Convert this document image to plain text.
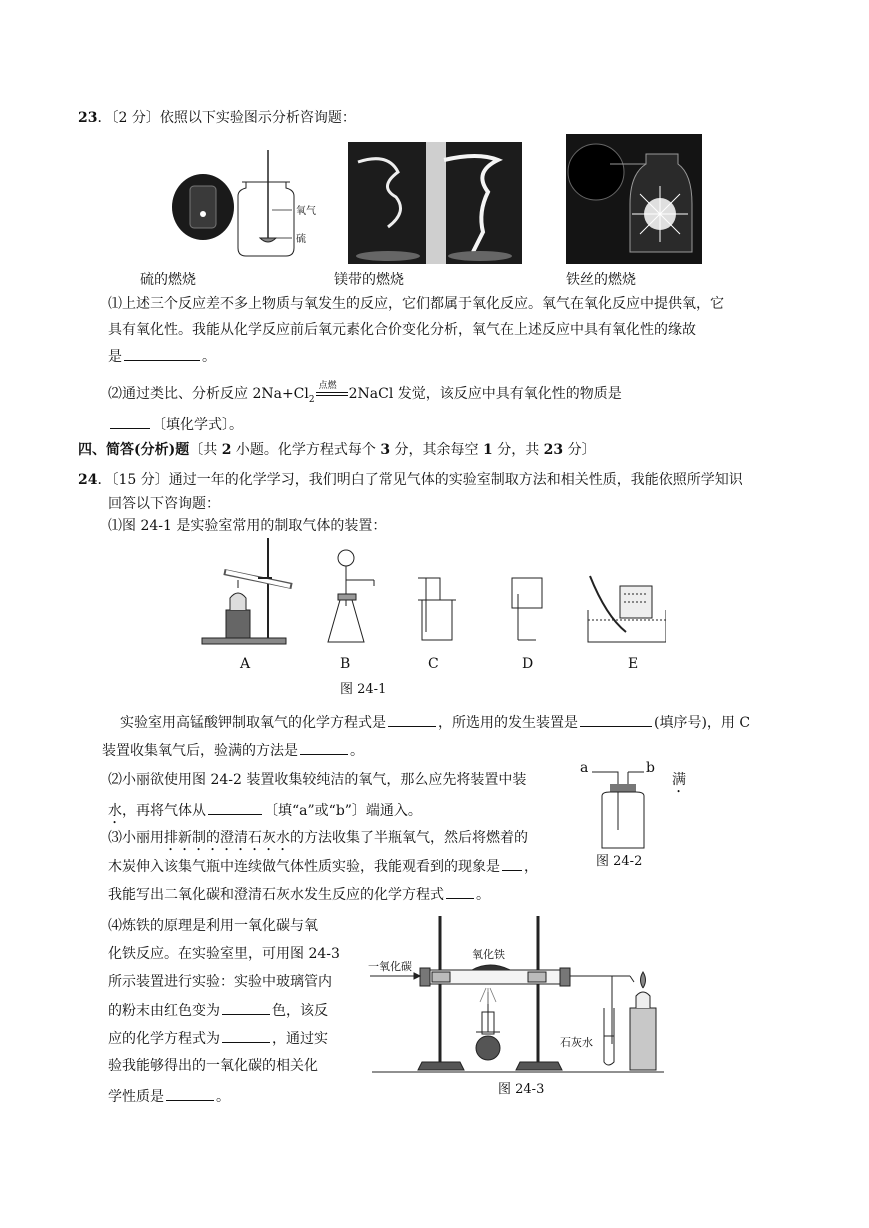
23．〔2 分〕依照以下实验图示分析咨询题：
氧气
硫
硫的燃烧	镁带的燃烧	铁丝的燃烧
⑴上述三个反应差不多上物质与氧发生的反应，它们都属于氧化反应。氧气在氧化反应中提供氧，它
具有氧化性。我能从化学反应前后氧元素化合价变化分析，氧气在上述反应中具有氧化性的缘故
是	。
⑵通过类比、分析反应 $2Na+Cl_2$
点燃 2NaCl 发觉，该反应中具有氧化性的物质是
〔填化学式〕。
四、简答(分析)题〔共 2 小题。化学方程式每个 3 分，其余每空 1 分，共 23 分〕
24．〔15 分〕通过一年的化学学习，我们明白了常见气体的实验室制取方法和相关性质，我能依照所学知识
回答以下咨询题：
⑴图 24-1 是实验室常用的制取气体的装置：
A	B	C	D	E
图 24-1
实验室用高锰酸钾制取氧气的化学方程式是	，所选用的发生装置是	(填序号)，用 C
装置收集氧气后，验满的方法是	。
⑵小丽欲使用图 24-2 装置收集较纯洁的氧气，那么应先将装置中装	满
水，再将气体从	〔填“a”或“b”〕端通入。
a	b
图 24-2
⑶小丽用排新制的澄清石灰水的方法收集了半瓶氧气，然后将燃着的
木炭伸入该集气瓶中连续做气体性质实验，我能观看到的现象是 ，
我能写出二氧化碳和澄清石灰水发生反应的化学方程式 。
⑷炼铁的原理是利用一氧化碳与氧
化铁反应。在实验室里，可用图 24-3
所示装置进行实验：实验中玻璃管内
的粉末由红色变为	色，该反
应的化学方程式为	，通过实
验我能够得出的一氧化碳的相关化
学性质是	。
一氧化碳
氧化铁
石灰水
图 24-3
